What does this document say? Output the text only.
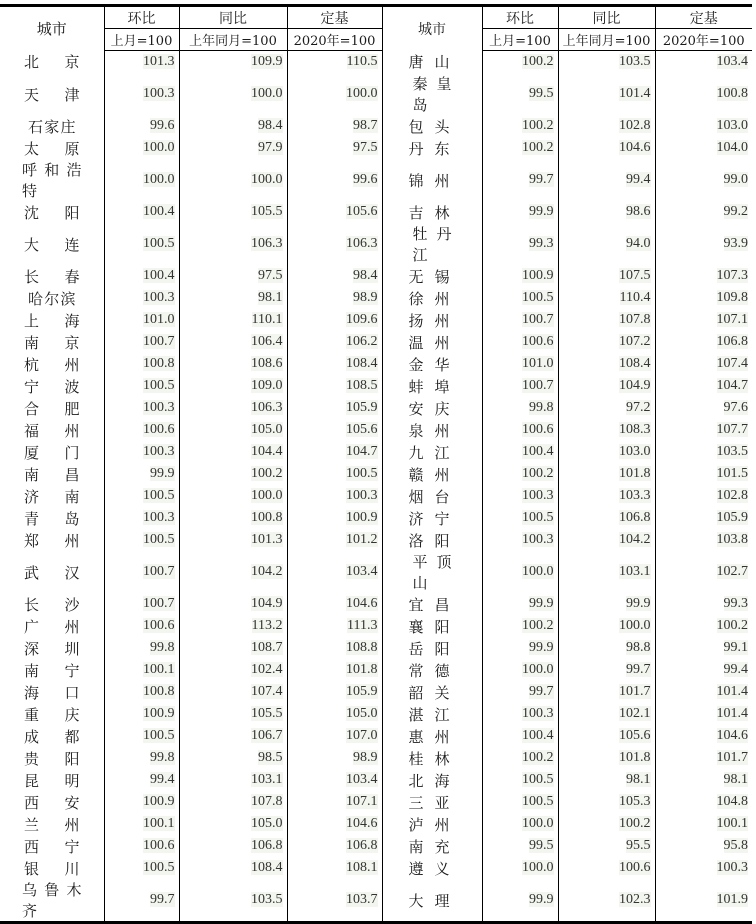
城市	环比	同比	定基	城市	环比	同比	定基
	上月=100	上年同月=100	2020年=100		上月=100	上年同月=100	2020年=100
北京	101.3	109.9	110.5	唐山	100.2	103.5	103.4
天津	100.3	100.0	100.0	秦皇岛	99.5	101.4	100.8
石家庄	99.6	98.4	98.7	包头	100.2	102.8	103.0
太原	100.0	97.9	97.5	丹东	100.2	104.6	104.0
呼和浩特	100.0	100.0	99.6	锦州	99.7	99.4	99.0
沈阳	100.4	105.5	105.6	吉林	99.9	98.6	99.2
大连	100.5	106.3	106.3	牡丹江	99.3	94.0	93.9
长春	100.4	97.5	98.4	无锡	100.9	107.5	107.3
哈尔滨	100.3	98.1	98.9	徐州	100.5	110.4	109.8
上海	101.0	110.1	109.6	扬州	100.7	107.8	107.1
南京	100.7	106.4	106.2	温州	100.6	107.2	106.8
杭州	100.8	108.6	108.4	金华	101.0	108.4	107.4
宁波	100.5	109.0	108.5	蚌埠	100.7	104.9	104.7
合肥	100.3	106.3	105.9	安庆	99.8	97.2	97.6
福州	100.6	105.0	105.6	泉州	100.6	108.3	107.7
厦门	100.3	104.4	104.7	九江	100.4	103.0	103.5
南昌	99.9	100.2	100.5	赣州	100.2	101.8	101.5
济南	100.5	100.0	100.3	烟台	100.3	103.3	102.8
青岛	100.3	100.8	100.9	济宁	100.5	106.8	105.9
郑州	100.5	101.3	101.2	洛阳	100.3	104.2	103.8
武汉	100.7	104.2	103.4	平顶山	100.0	103.1	102.7
长沙	100.7	104.9	104.6	宜昌	99.9	99.9	99.3
广州	100.6	113.2	111.3	襄阳	100.2	100.0	100.2
深圳	99.8	108.7	108.8	岳阳	99.9	98.8	99.1
南宁	100.1	102.4	101.8	常德	100.0	99.7	99.4
海口	100.8	107.4	105.9	韶关	99.7	101.7	101.4
重庆	100.9	105.5	105.0	湛江	100.3	102.1	101.4
成都	100.5	106.7	107.0	惠州	100.4	105.6	104.6
贵阳	99.8	98.5	98.9	桂林	100.2	101.8	101.7
昆明	99.4	103.1	103.4	北海	100.5	98.1	98.1
西安	100.9	107.8	107.1	三亚	100.5	105.3	104.8
兰州	100.1	105.0	104.6	泸州	100.0	100.2	100.1
西宁	100.6	106.8	106.8	南充	99.5	95.5	95.8
银川	100.5	108.4	108.1	遵义	100.0	100.6	100.3
乌鲁木齐	99.7	103.5	103.7	大理	99.9	102.3	101.9
